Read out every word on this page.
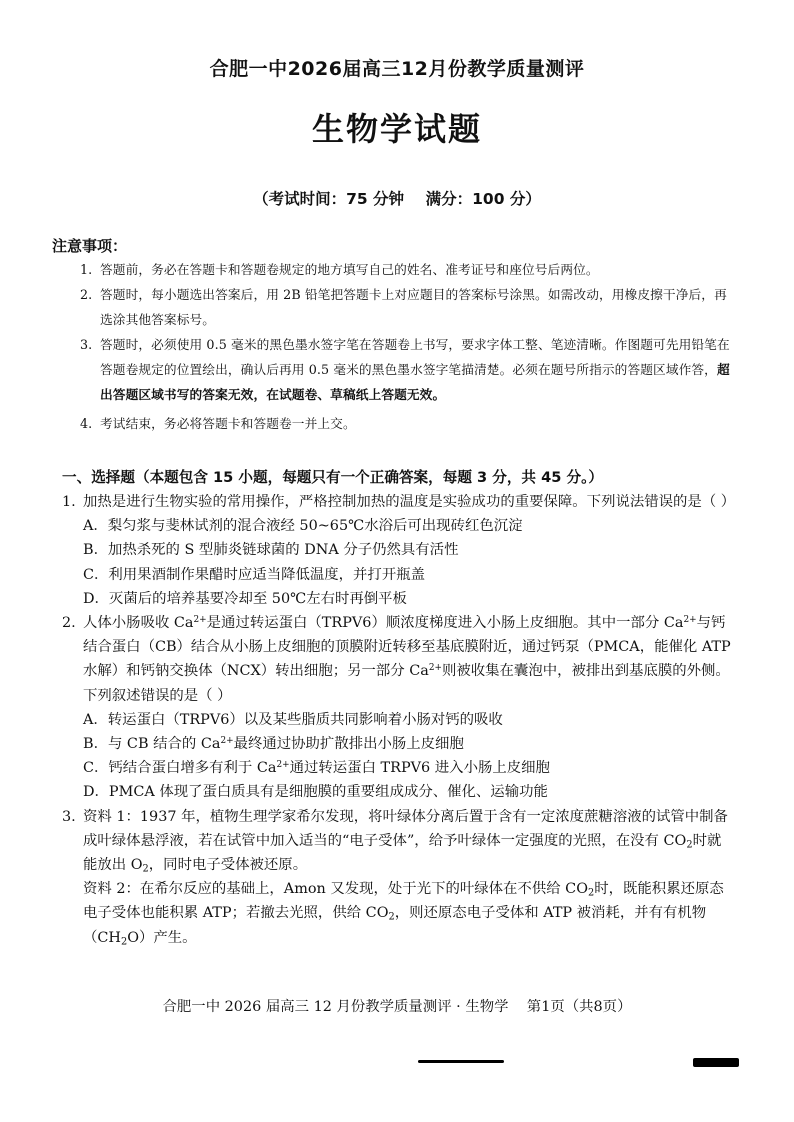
合肥一中2026届高三12月份教学质量测评
生物学试题
（考试时间：75 分钟    满分：100 分）
注意事项：

1. 答题前，务必在答题卡和答题卷规定的地方填写自己的姓名、准考证号和座位号后两位。

2. 答题时，每小题选出答案后，用 2B 铅笔把答题卡上对应题目的答案标号涂黑。如需改动，用橡皮擦干净后，再选涂其他答案标号。

3. 答题时，必须使用 0.5 毫米的黑色墨水签字笔在答题卷上书写，要求字体工整、笔迹清晰。作图题可先用铅笔在答题卷规定的位置绘出，确认后再用 0.5 毫米的黑色墨水签字笔描清楚。必须在题号所指示的答题区域作答，超出答题区域书写的答案无效，在试题卷、草稿纸上答题无效。

4. 考试结束，务必将答题卡和答题卷一并上交。

一、选择题（本题包含 15 小题，每题只有一个正确答案，每题 3 分，共 45 分。）

1. 加热是进行生物实验的常用操作，严格控制加热的温度是实验成功的重要保障。下列说法错误的是（ ）

A．梨匀浆与斐林试剂的混合液经 50~65℃水浴后可出现砖红色沉淀

B．加热杀死的 S 型肺炎链球菌的 DNA 分子仍然具有活性

C．利用果酒制作果醋时应适当降低温度，并打开瓶盖

D．灭菌后的培养基要冷却至 50℃左右时再倒平板

2. 人体小肠吸收 $Ca^{2+}$是通过转运蛋白（TRPV6）顺浓度梯度进入小肠上皮细胞。其中一部分 $Ca^{2+}$与钙结合蛋白（CB）结合从小肠上皮细胞的顶膜附近转移至基底膜附近，通过钙泵（PMCA，能催化 ATP 水解）和钙钠交换体（NCX）转出细胞；另一部分 $Ca^{2+}$则被收集在囊泡中，被排出到基底膜的外侧。下列叙述错误的是（ ）

A．转运蛋白（TRPV6）以及某些脂质共同影响着小肠对钙的吸收

B．与 CB 结合的 $Ca^{2+}$最终通过协助扩散排出小肠上皮细胞

C．钙结合蛋白增多有利于 $Ca^{2+}$通过转运蛋白 TRPV6 进入小肠上皮细胞

D．PMCA 体现了蛋白质具有是细胞膜的重要组成成分、催化、运输功能

3. 资料 1：1937 年，植物生理学家希尔发现，将叶绿体分离后置于含有一定浓度蔗糖溶液的试管中制备成叶绿体悬浮液，若在试管中加入适当的“电子受体”，给予叶绿体一定强度的光照，在没有 $CO_2$时就能放出 $O_2$，同时电子受体被还原。

资料 2：在希尔反应的基础上，Amon 又发现，处于光下的叶绿体在不供给 $CO_2$时，既能积累还原态电子受体也能积累 ATP；若撤去光照，供给 $CO_2$，则还原态电子受体和 ATP 被消耗，并有有机物$(CH_2O)$产生。

合肥一中 2026 届高三 12 月份教学质量测评 · 生物学    第1页（共8页）
